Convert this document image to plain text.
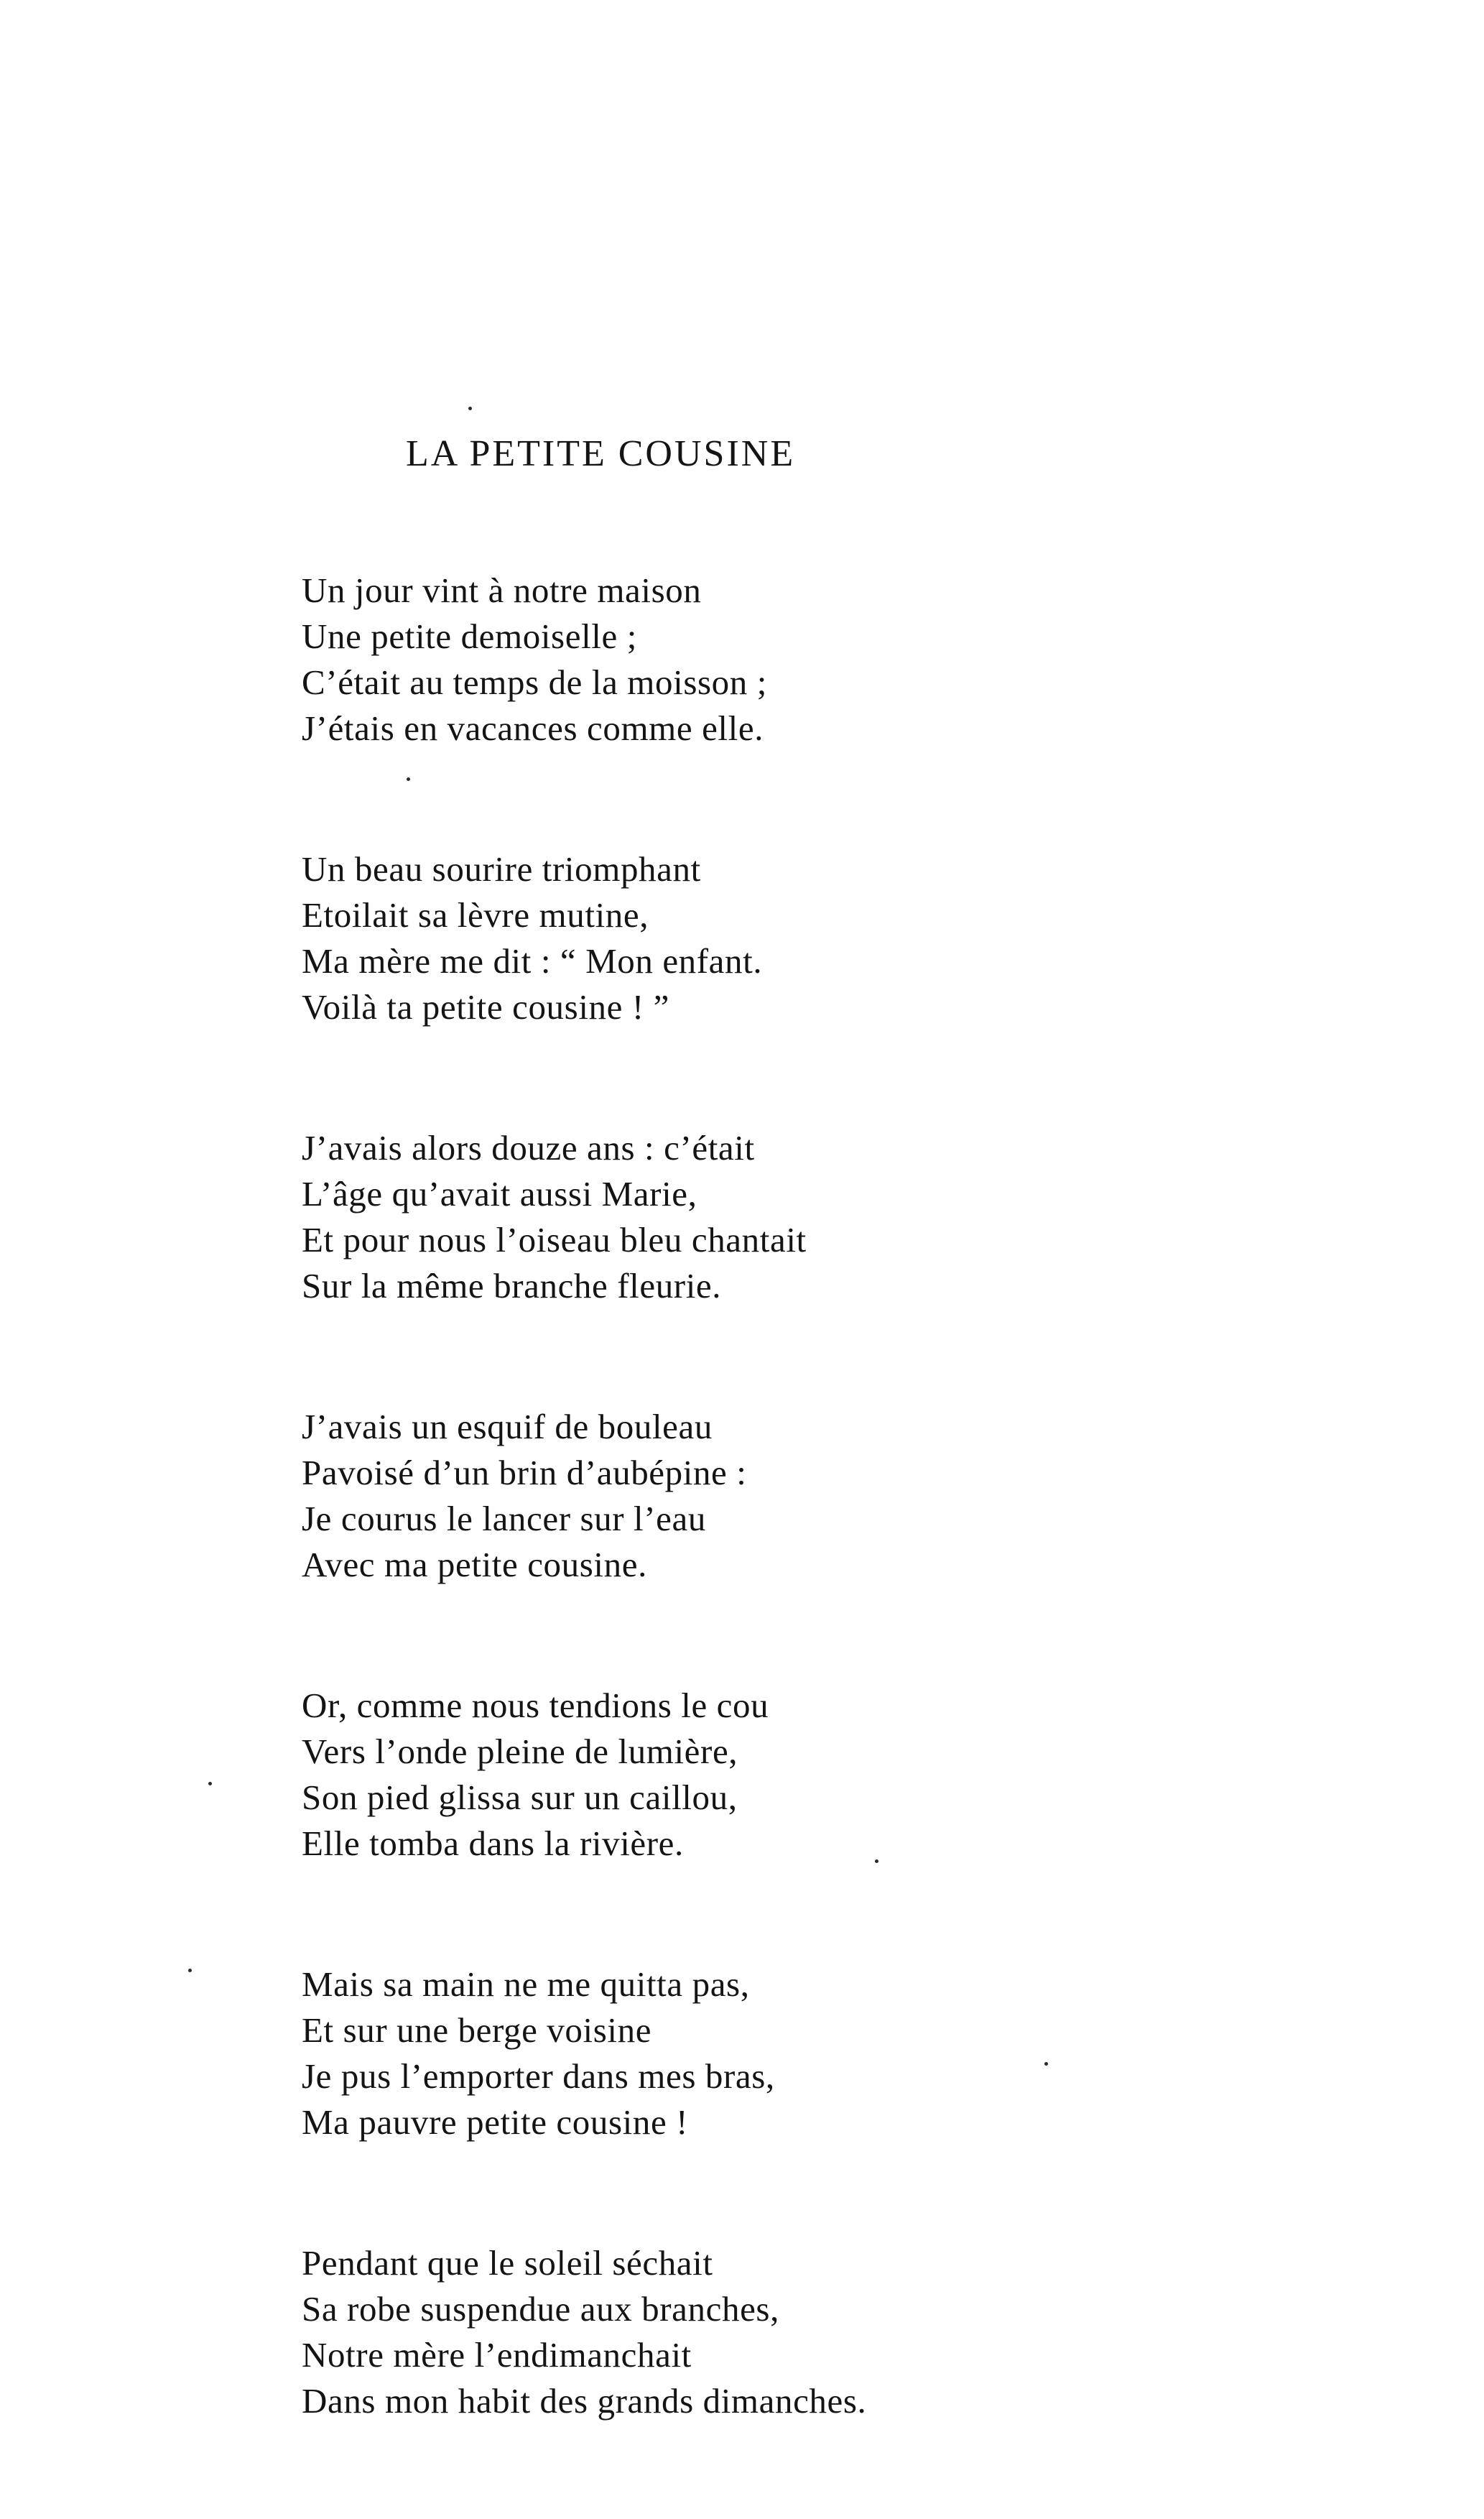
LA PETITE COUSINE
Un jour vint à notre maison
Une petite demoiselle ;
C’était au temps de la moisson ;
J’étais en vacances comme elle.
Un beau sourire triomphant
Etoilait sa lèvre mutine,
Ma mère me dit : “ Mon enfant.
Voilà ta petite cousine ! ”
J’avais alors douze ans : c’était
L’âge qu’avait aussi Marie,
Et pour nous l’oiseau bleu chantait
Sur la même branche fleurie.
J’avais un esquif de bouleau
Pavoisé d’un brin d’aubépine :
Je courus le lancer sur l’eau
Avec ma petite cousine.
Or, comme nous tendions le cou
Vers l’onde pleine de lumière,
Son pied glissa sur un caillou,
Elle tomba dans la rivière.
Mais sa main ne me quitta pas,
Et sur une berge voisine
Je pus l’emporter dans mes bras,
Ma pauvre petite cousine !
Pendant que le soleil séchait
Sa robe suspendue aux branches,
Notre mère l’endimanchait
Dans mon habit des grands dimanches.
